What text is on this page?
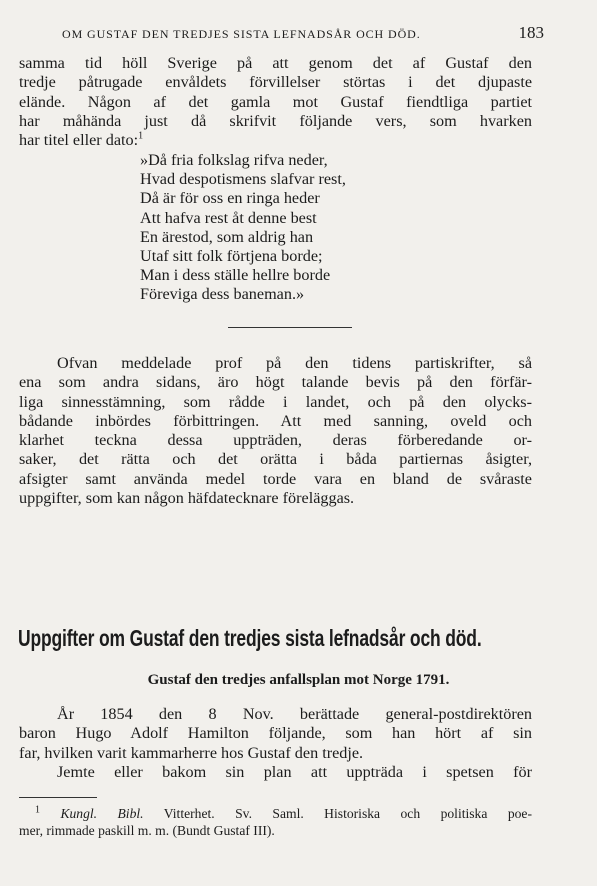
OM GUSTAF DEN TREDJES SISTA LEFNADSÅR OCH DÖD.	183
samma tid höll Sverige på att genom det af Gustaf den
tredje påtrugade envåldets förvillelser störtas i det djupaste
elände. Någon af det gamla mot Gustaf fiendtliga partiet
har måhända just då skrifvit följande vers, som hvarken
har titel eller dato:$^1$
»Då fria folkslag rifva neder,
Hvad despotismens slafvar rest,
Då är för oss en ringa heder
Att hafva rest åt denne best
En ärestod, som aldrig han
Utaf sitt folk förtjena borde;
Man i dess ställe hellre borde
Föreviga dess baneman.»
Ofvan meddelade prof på den tidens partiskrifter, så
ena som andra sidans, äro högt talande bevis på den förfär-
liga sinnesstämning, som rådde i landet, och på den olycks-
bådande inbördes förbittringen. Att med sanning, oveld och
klarhet teckna dessa uppträden, deras förberedande or-
saker, det rätta och det orätta i båda partiernas åsigter,
afsigter samt använda medel torde vara en bland de svåraste
uppgifter, som kan någon häfdatecknare föreläggas.
Uppgifter om Gustaf den tredjes sista lefnadsår och död.
Gustaf den tredjes anfallsplan mot Norge 1791.
År 1854 den 8 Nov. berättade general-postdirektören
baron Hugo Adolf Hamilton följande, som han hört af sin
far, hvilken varit kammarherre hos Gustaf den tredje.
Jemte eller bakom sin plan att uppträda i spetsen för
$^1$ Kungl. Bibl. Vitterhet. Sv. Saml. Historiska och politiska poe-
mer, rimmade paskill m. m. (Bundt Gustaf III).
